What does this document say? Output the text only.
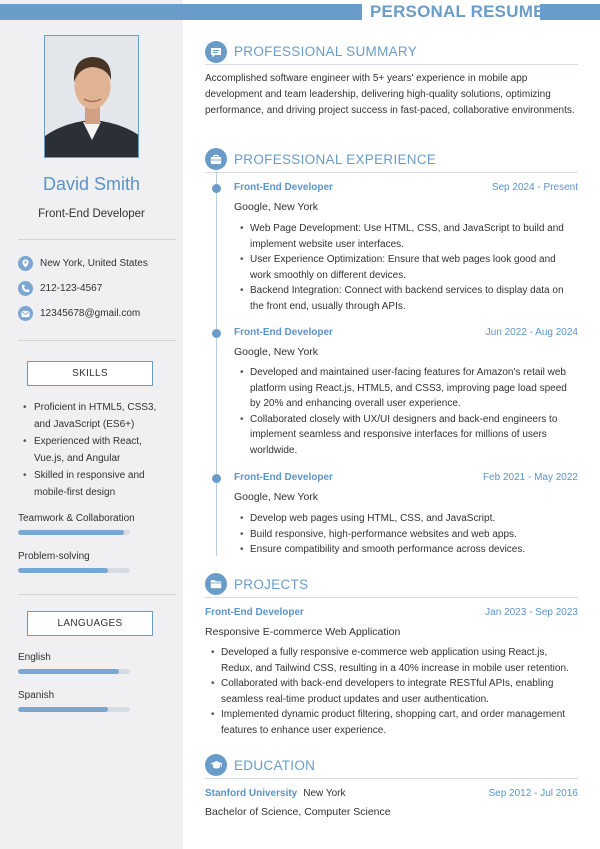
PERSONAL RESUME
David Smith
Front-End Developer
New York, United States
212-123-4567
12345678@gmail.com
SKILLS
• Proficient in HTML5, CSS3, and JavaScript (ES6+)
• Experienced with React, Vue.js, and Angular
• Skilled in responsive and mobile-first design
Teamwork & Collaboration
Problem-solving
LANGUAGES
English
Spanish
PROFESSIONAL SUMMARY
Accomplished software engineer with 5+ years' experience in mobile app development and team leadership, delivering high-quality solutions, optimizing performance, and driving project success in fast-paced, collaborative environments.
PROFESSIONAL EXPERIENCE
Front-End Developer	Sep 2024 - Present
Google, New York
• Web Page Development: Use HTML, CSS, and JavaScript to build and implement website user interfaces.
• User Experience Optimization: Ensure that web pages look good and work smoothly on different devices.
• Backend Integration: Connect with backend services to display data on the front end, usually through APIs.
Front-End Developer	Jun 2022 - Aug 2024
Google, New York
• Developed and maintained user-facing features for Amazon's retail web platform using React.js, HTML5, and CSS3, improving page load speed by 20% and enhancing overall user experience.
• Collaborated closely with UX/UI designers and back-end engineers to implement seamless and responsive interfaces for millions of users worldwide.
Front-End Developer	Feb 2021 - May 2022
Google, New York
• Develop web pages using HTML, CSS, and JavaScript.
• Build responsive, high-performance websites and web apps.
• Ensure compatibility and smooth performance across devices.
PROJECTS
Front-End Developer	Jan 2023 - Sep 2023
Responsive E-commerce Web Application
• Developed a fully responsive e-commerce web application using React.js, Redux, and Tailwind CSS, resulting in a 40% increase in mobile user retention.
• Collaborated with back-end developers to integrate RESTful APIs, enabling seamless real-time product updates and user authentication.
• Implemented dynamic product filtering, shopping cart, and order management features to enhance user experience.
EDUCATION
Stanford University New York	Sep 2012 - Jul 2016
Bachelor of Science, Computer Science
